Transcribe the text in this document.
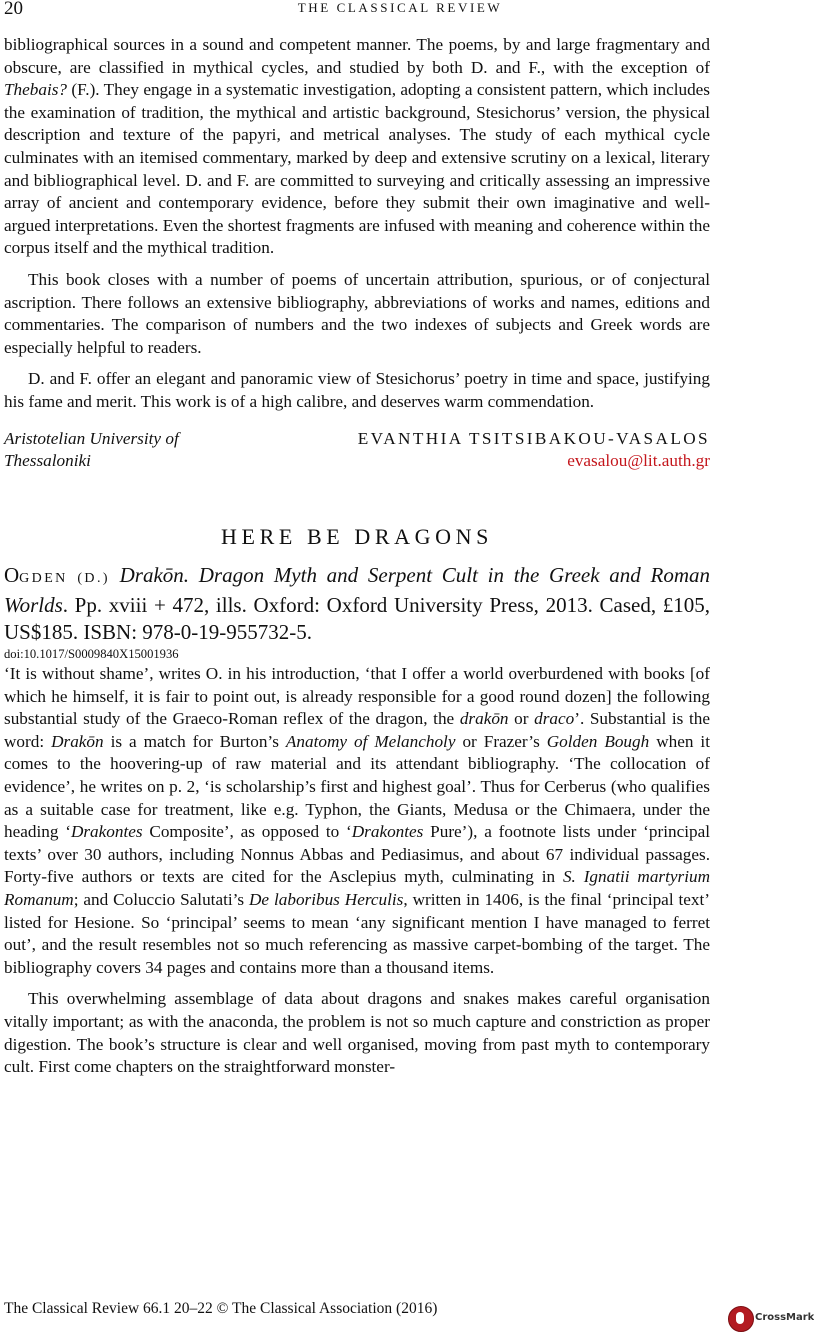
20	THE CLASSICAL REVIEW

bibliographical sources in a sound and competent manner. The poems, by and large fragmentary and obscure, are classified in mythical cycles, and studied by both D. and F., with the exception of Thebais? (F.). They engage in a systematic investigation, adopting a consistent pattern, which includes the examination of tradition, the mythical and artistic background, Stesichorus’ version, the physical description and texture of the papyri, and metrical analyses. The study of each mythical cycle culminates with an itemised commentary, marked by deep and extensive scrutiny on a lexical, literary and bibliographical level. D. and F. are committed to surveying and critically assessing an impressive array of ancient and contemporary evidence, before they submit their own imaginative and well-argued interpretations. Even the shortest fragments are infused with meaning and coherence within the corpus itself and the mythical tradition.

This book closes with a number of poems of uncertain attribution, spurious, or of conjectural ascription. There follows an extensive bibliography, abbreviations of works and names, editions and commentaries. The comparison of numbers and the two indexes of subjects and Greek words are especially helpful to readers.

D. and F. offer an elegant and panoramic view of Stesichorus’ poetry in time and space, justifying his fame and merit. This work is of a high calibre, and deserves warm commendation.

Aristotelian University of
Thessaloniki
EVANTHIA TSITSIBAKOU-VASALOS
evasalou@lit.auth.gr
HERE BE DRAGONS

OGDEN (D.) Drakōn. Dragon Myth and Serpent Cult in the Greek and Roman Worlds. Pp. xviii + 472, ills. Oxford: Oxford University Press, 2013. Cased, £105, US$185. ISBN: 978-0-19-955732-5.

doi:10.1017/S0009840X15001936

‘It is without shame’, writes O. in his introduction, ‘that I offer a world overburdened with books [of which he himself, it is fair to point out, is already responsible for a good round dozen] the following substantial study of the Graeco-Roman reflex of the dragon, the drakōn or draco’. Substantial is the word: Drakōn is a match for Burton’s Anatomy of Melancholy or Frazer’s Golden Bough when it comes to the hoovering-up of raw material and its attendant bibliography. ‘The collocation of evidence’, he writes on p. 2, ‘is scholarship’s first and highest goal’. Thus for Cerberus (who qualifies as a suitable case for treatment, like e.g. Typhon, the Giants, Medusa or the Chimaera, under the heading ‘Drakontes Composite’, as opposed to ‘Drakontes Pure’), a footnote lists under ‘principal texts’ over 30 authors, including Nonnus Abbas and Pediasimus, and about 67 individual passages. Forty-five authors or texts are cited for the Asclepius myth, culminating in S. Ignatii martyrium Romanum; and Coluccio Salutati’s De laboribus Herculis, written in 1406, is the final ‘principal text’ listed for Hesione. So ‘principal’ seems to mean ‘any significant mention I have managed to ferret out’, and the result resembles not so much referencing as massive carpet-bombing of the target. The bibliography covers 34 pages and contains more than a thousand items.

This overwhelming assemblage of data about dragons and snakes makes careful organisation vitally important; as with the anaconda, the problem is not so much capture and constriction as proper digestion. The book’s structure is clear and well organised, moving from past myth to contemporary cult. First come chapters on the straightforward monster-

The Classical Review 66.1 20–22 © The Classical Association (2016)
CrossMark
